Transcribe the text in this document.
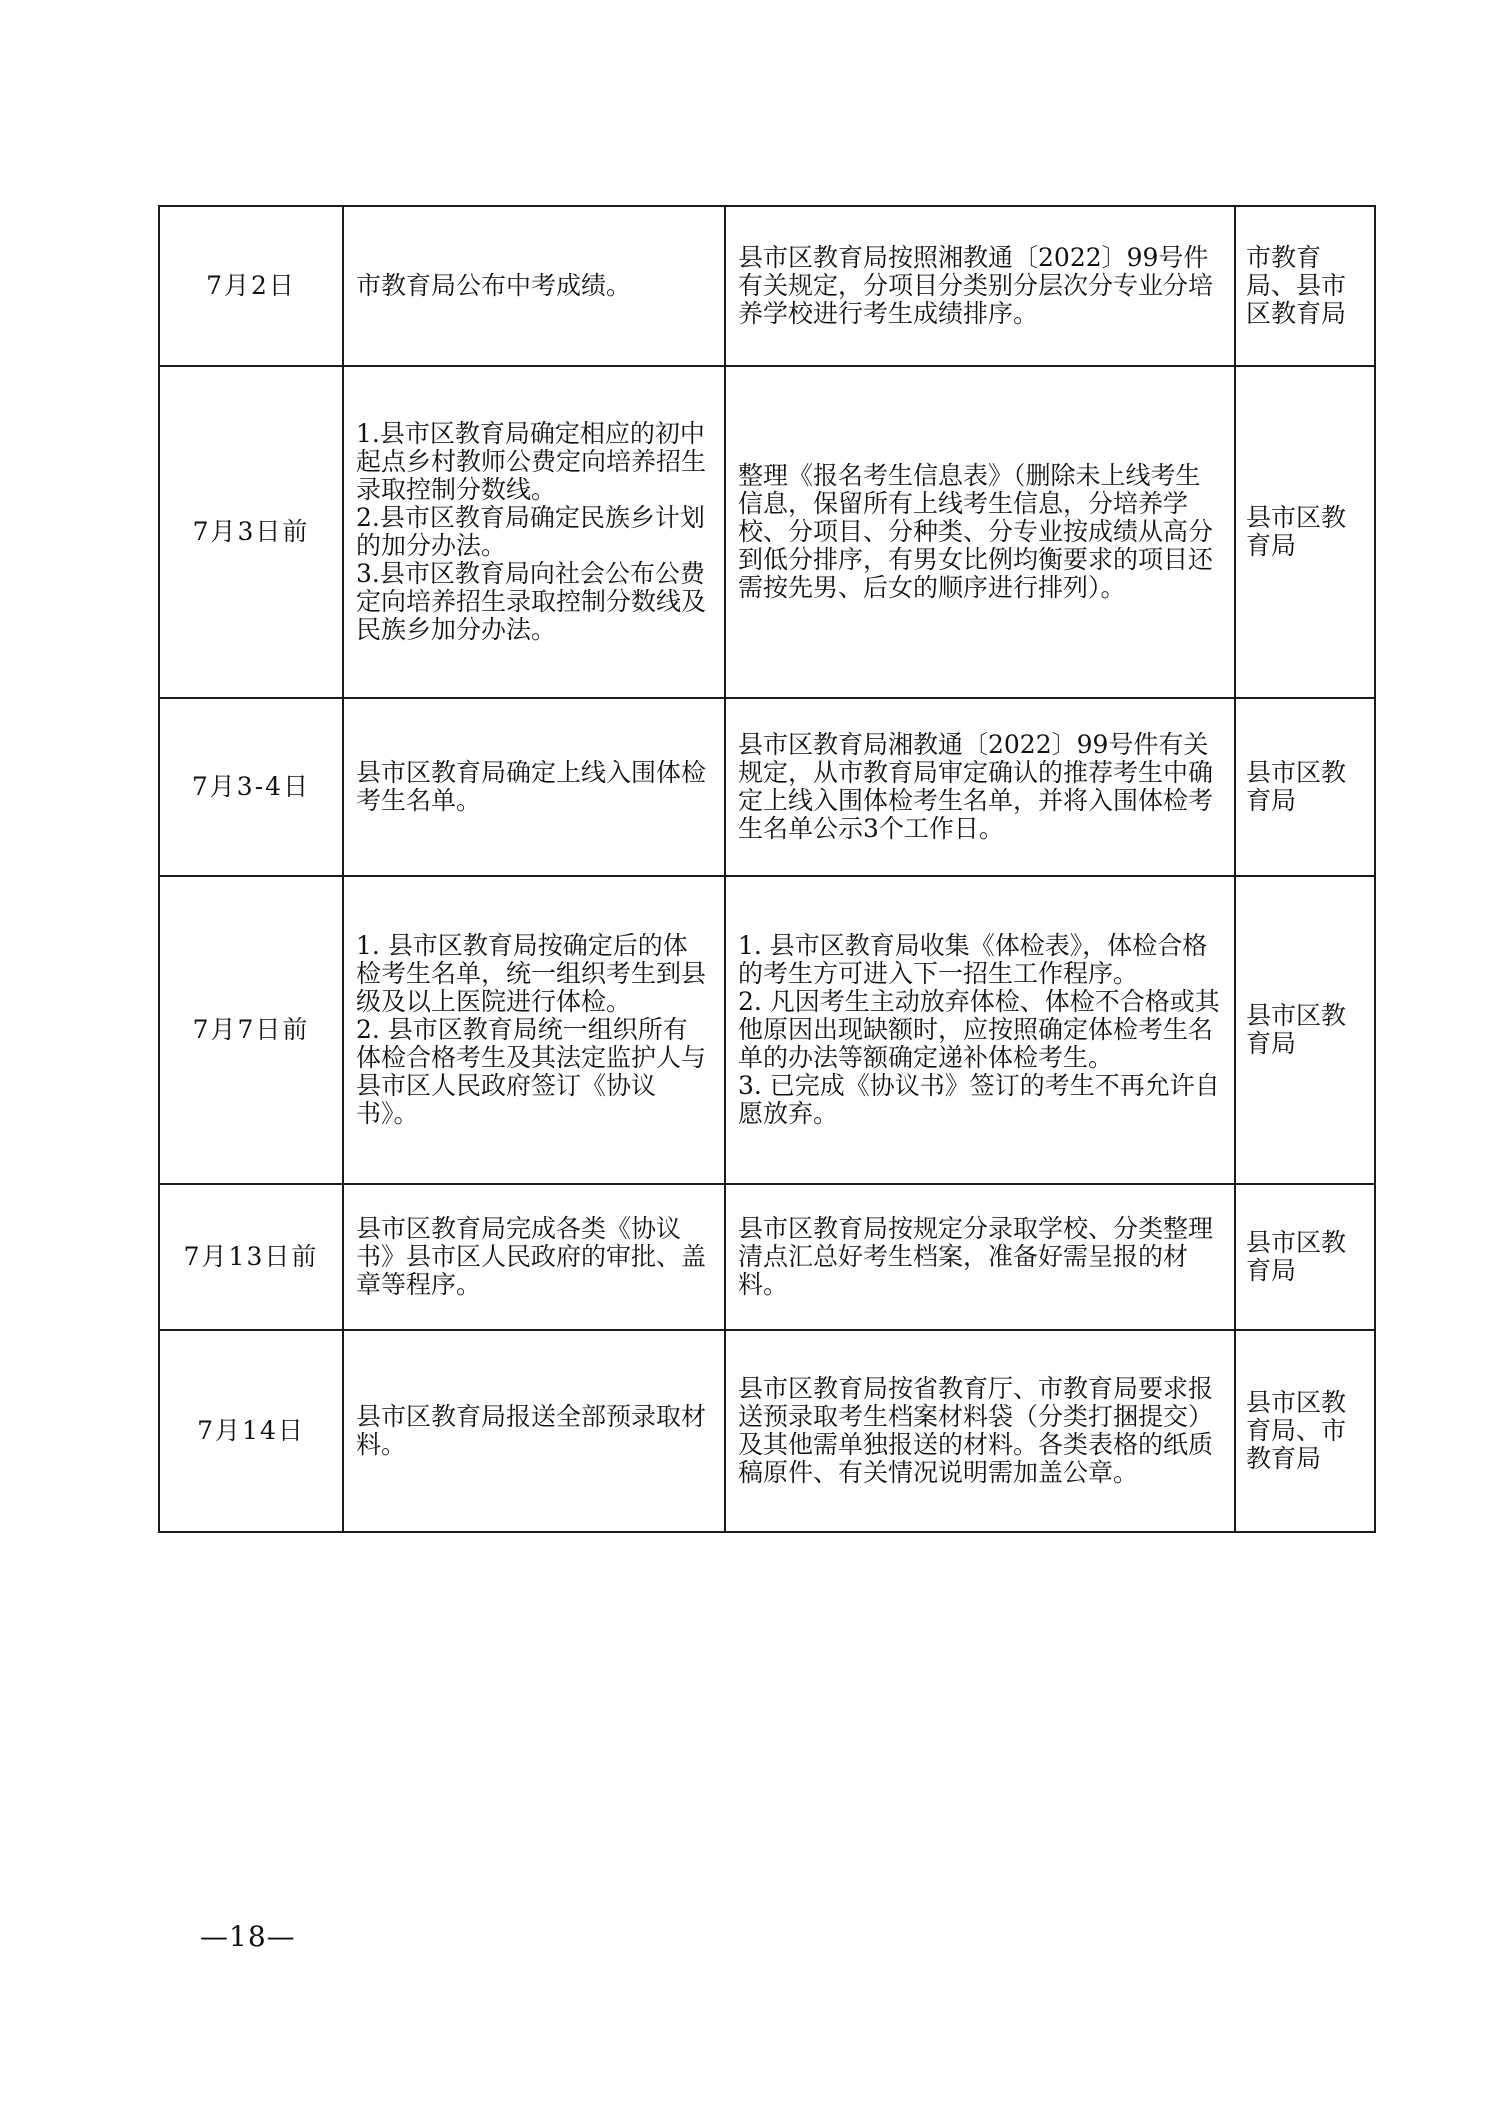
7月2日	市教育局公布中考成绩。	县市区教育局按照湘教通〔2022〕99号件有关规定，分项目分类别分层次分专业分培养学校进行考生成绩排序。	市教育局、县市区教育局
7月3日前	1.县市区教育局确定相应的初中起点乡村教师公费定向培养招生录取控制分数线。
2.县市区教育局确定民族乡计划的加分办法。
3.县市区教育局向社会公布公费定向培养招生录取控制分数线及民族乡加分办法。	整理《报名考生信息表》（删除未上线考生信息，保留所有上线考生信息，分培养学校、分项目、分种类、分专业按成绩从高分到低分排序，有男女比例均衡要求的项目还需按先男、后女的顺序进行排列）。	县市区教育局
7月3-4日	县市区教育局确定上线入围体检考生名单。	县市区教育局湘教通〔2022〕99号件有关规定，从市教育局审定确认的推荐考生中确定上线入围体检考生名单，并将入围体检考生名单公示3个工作日。	县市区教育局
7月7日前	1. 县市区教育局按确定后的体检考生名单，统一组织考生到县级及以上医院进行体检。
2. 县市区教育局统一组织所有体检合格考生及其法定监护人与县市区人民政府签订《协议书》。	1. 县市区教育局收集《体检表》，体检合格的考生方可进入下一招生工作程序。
2. 凡因考生主动放弃体检、体检不合格或其他原因出现缺额时，应按照确定体检考生名单的办法等额确定递补体检考生。
3. 已完成《协议书》签订的考生不再允许自愿放弃。	县市区教育局
7月13日前	县市区教育局完成各类《协议书》县市区人民政府的审批、盖章等程序。	县市区教育局按规定分录取学校、分类整理清点汇总好考生档案，准备好需呈报的材料。	县市区教育局
7月14日	县市区教育局报送全部预录取材料。	县市区教育局按省教育厅、市教育局要求报送预录取考生档案材料袋（分类打捆提交）及其他需单独报送的材料。各类表格的纸质稿原件、有关情况说明需加盖公章。	县市区教育局、市教育局
—18—
